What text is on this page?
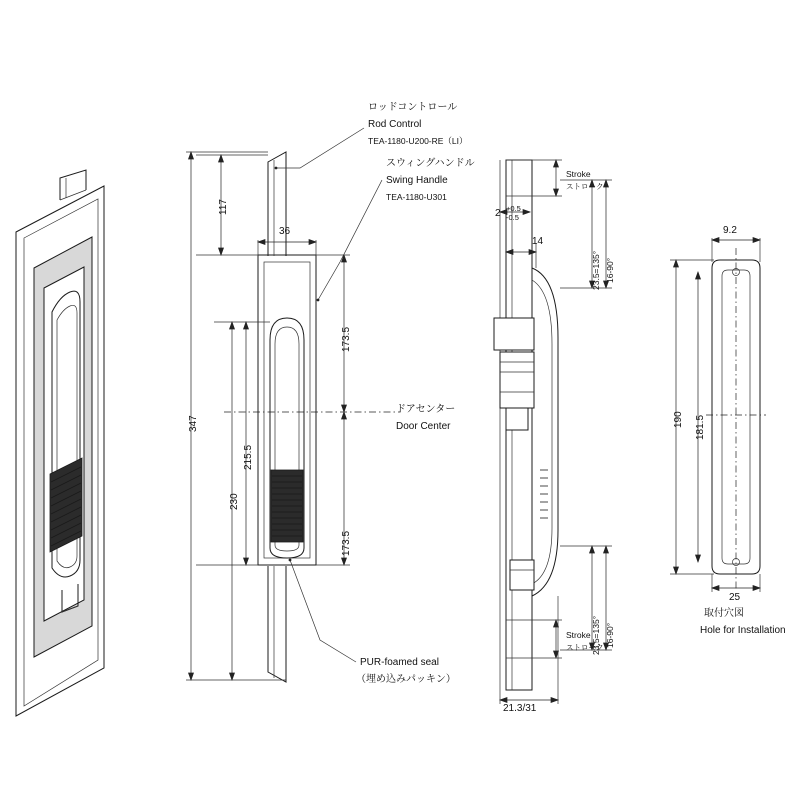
ロッドコントロール
Rod Control
TEA-1180-U200-RE（LI）
スウィングハンドル
Swing Handle
TEA-1180-U301
ドアセンター
Door Center
PUR-foamed seal
（埋め込みパッキン）
取付穴図
Hole for Installation
117
347
230
215.5
36
173.5
173.5
2 +0.5
-0.5
14
23.5=135° 16-90°
23.5=135° 16-90°
Stroke
ストローク
Stroke
ストローク
21.3/31
9.2
190 181.5
25
